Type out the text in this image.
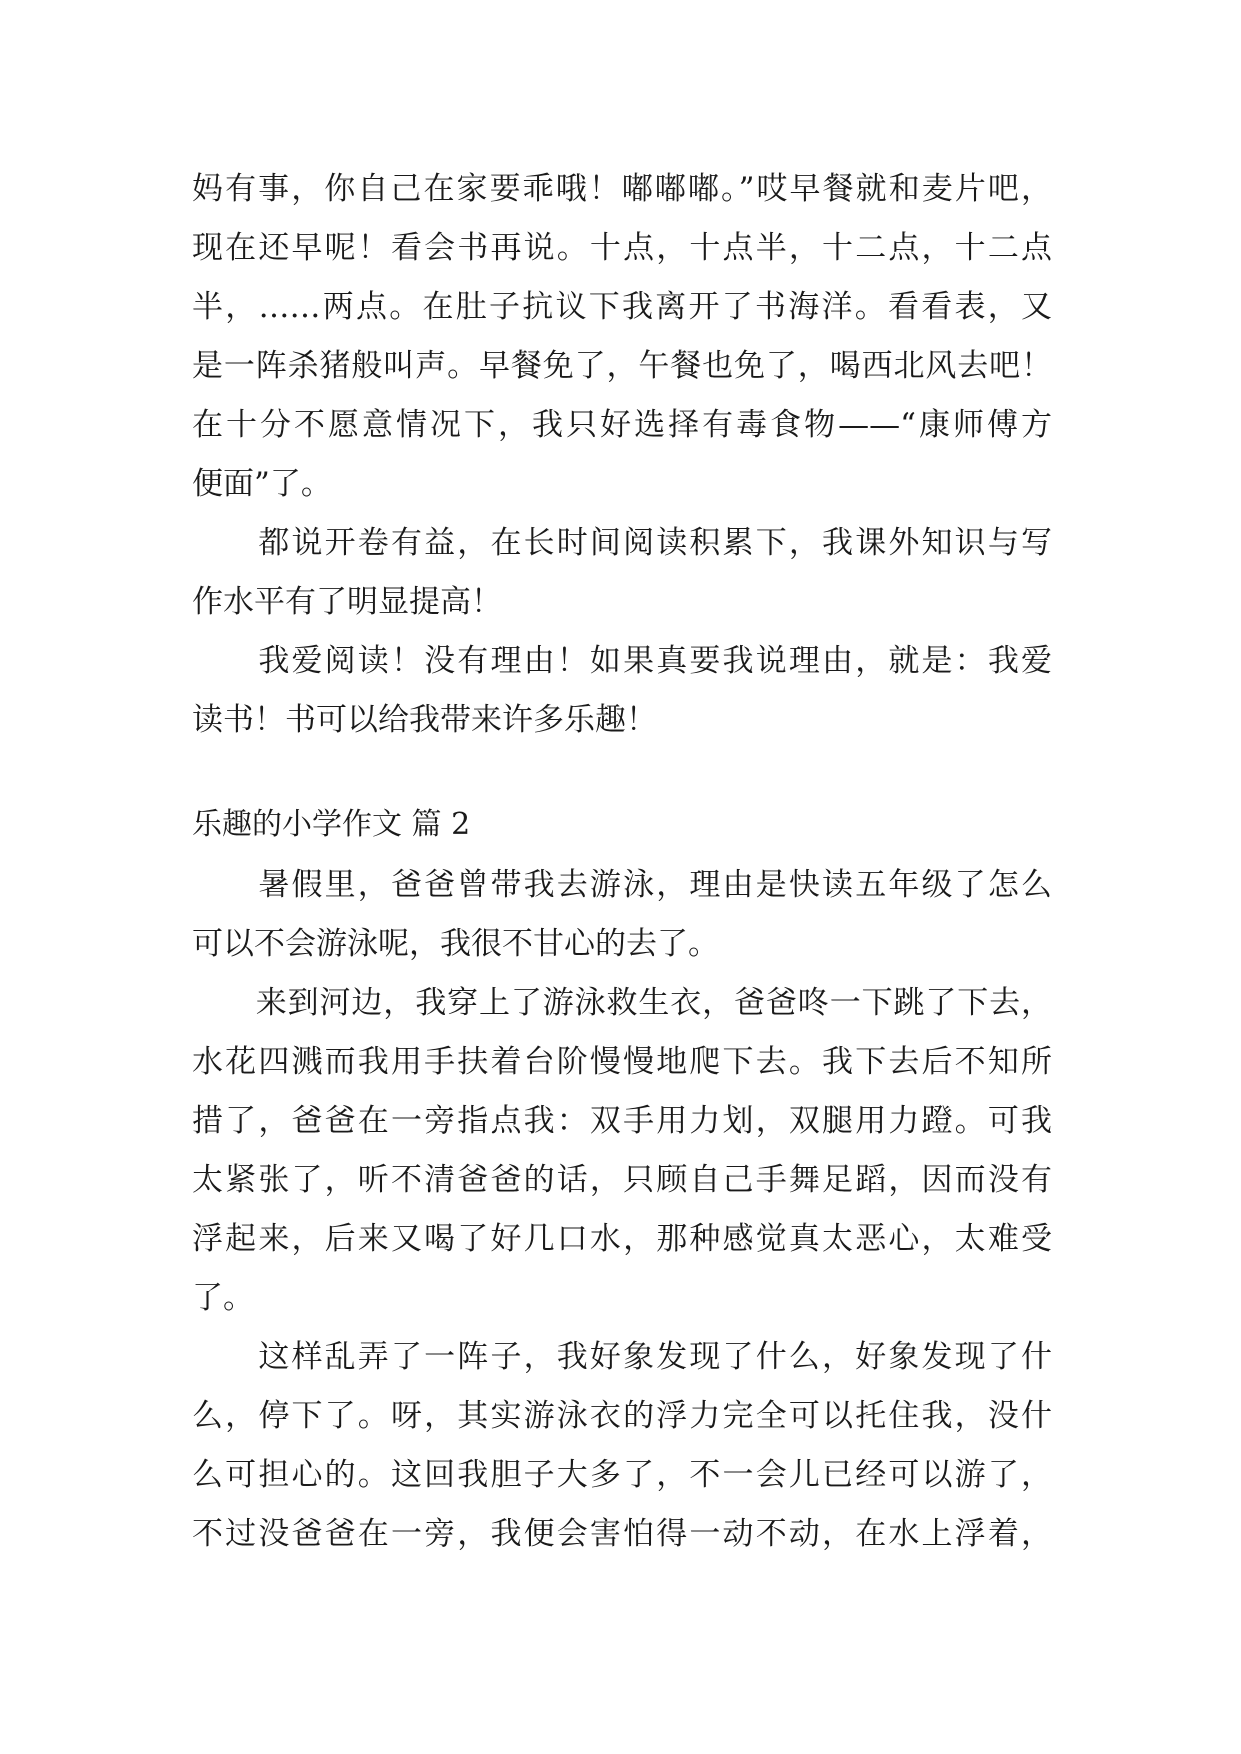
妈有事，你自己在家要乖哦！嘟嘟嘟。”哎早餐就和麦片吧，
现在还早呢！看会书再说。十点，十点半，十二点，十二点
半，……两点。在肚子抗议下我离开了书海洋。看看表，又
是一阵杀猪般叫声。早餐免了，午餐也免了，喝西北风去吧！
在十分不愿意情况下，我只好选择有毒食物——“康师傅方
便面”了。
　　都说开卷有益，在长时间阅读积累下，我课外知识与写
作水平有了明显提高！
　　我爱阅读！没有理由！如果真要我说理由，就是：我爱
读书！书可以给我带来许多乐趣！
乐趣的小学作文 篇 2
　　暑假里，爸爸曾带我去游泳，理由是快读五年级了怎么
可以不会游泳呢，我很不甘心的去了。
　　来到河边，我穿上了游泳救生衣，爸爸咚一下跳了下去，
水花四溅而我用手扶着台阶慢慢地爬下去。我下去后不知所
措了，爸爸在一旁指点我：双手用力划，双腿用力蹬。可我
太紧张了，听不清爸爸的话，只顾自己手舞足蹈，因而没有
浮起来，后来又喝了好几口水，那种感觉真太恶心，太难受
了。
　　这样乱弄了一阵子，我好象发现了什么，好象发现了什
么，停下了。呀，其实游泳衣的浮力完全可以托住我，没什
么可担心的。这回我胆子大多了，不一会儿已经可以游了，
不过没爸爸在一旁，我便会害怕得一动不动，在水上浮着，
